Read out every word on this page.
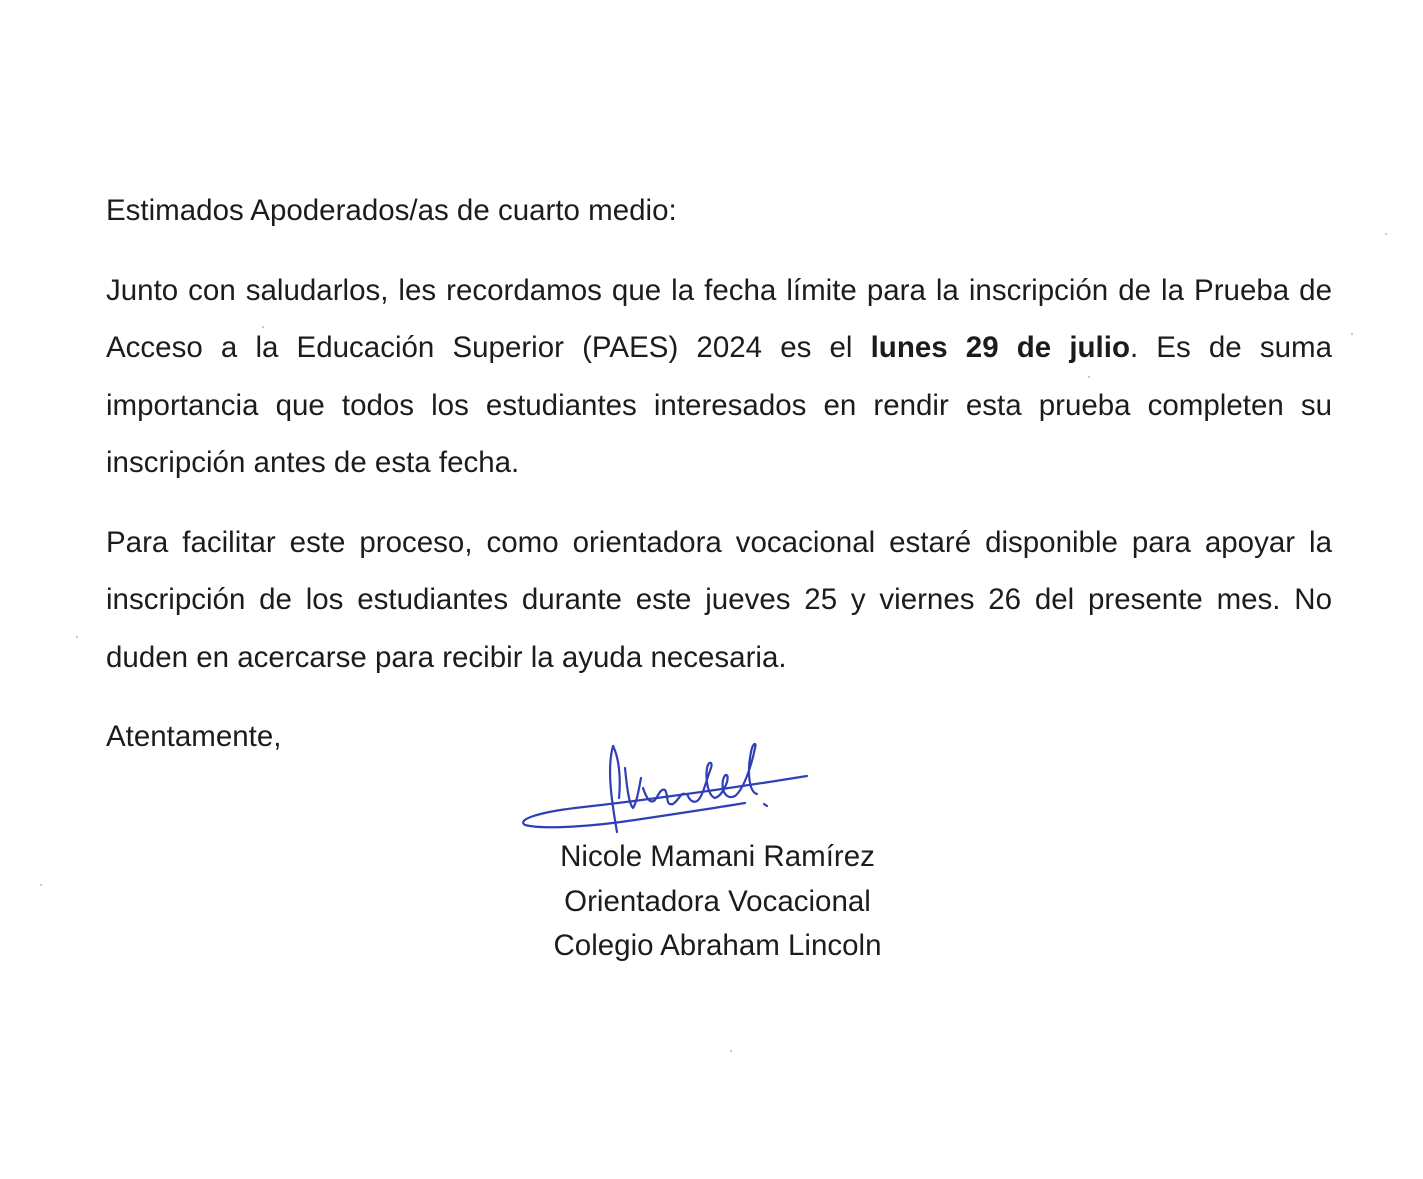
Estimados Apoderados/as de cuarto medio:

Junto con saludarlos, les recordamos que la fecha límite para la inscripción de la Prueba de Acceso a la Educación Superior (PAES) 2024 es el lunes 29 de julio. Es de suma importancia que todos los estudiantes interesados en rendir esta prueba completen su inscripción antes de esta fecha.

Para facilitar este proceso, como orientadora vocacional estaré disponible para apoyar la inscripción de los estudiantes durante este jueves 25 y viernes 26 del presente mes. No duden en acercarse para recibir la ayuda necesaria.

Atentamente,

Nicole Mamani Ramírez
Orientadora Vocacional
Colegio Abraham Lincoln
